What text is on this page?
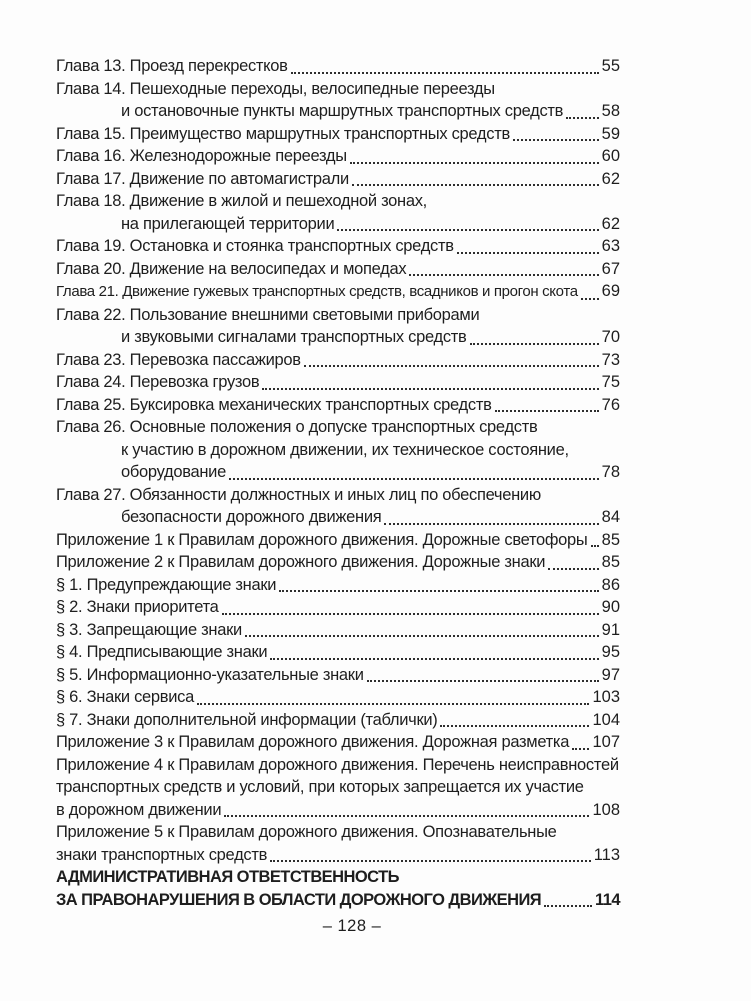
Глава 13. Проезд перекрестков	55
Глава 14. Пешеходные переходы, велосипедные переезды
и остановочные пункты маршрутных транспортных средств 58
Глава 15. Преимущество маршрутных транспортных средств	59
Глава 16. Железнодорожные переезды	60
Глава 17. Движение по автомагистрали	62
Глава 18. Движение в жилой и пешеходной зонах,
на прилегающей территории	62
Глава 19. Остановка и стоянка транспортных средств	63
Глава 20. Движение на велосипедах и мопедах	67
Глава 21. Движение гужевых транспортных средств, всадников и прогон скота 69
Глава 22. Пользование внешними световыми приборами
и звуковыми сигналами транспортных средств	70
Глава 23. Перевозка пассажиров	73
Глава 24. Перевозка грузов	75
Глава 25. Буксировка механических транспортных средств	76
Глава 26. Основные положения о допуске транспортных средств
к участию в дорожном движении, их техническое состояние,
оборудование	78
Глава 27. Обязанности должностных и иных лиц по обеспечению
безопасности дорожного движения	84
Приложение 1 к Правилам дорожного движения. Дорожные светофоры 85
Приложение 2 к Правилам дорожного движения. Дорожные знаки	85
§ 1. Предупреждающие знаки	86
§ 2. Знаки приоритета	90
§ 3. Запрещающие знаки	91
§ 4. Предписывающие знаки	95
§ 5. Информационно-указательные знаки	97
§ 6. Знаки сервиса	103
§ 7. Знаки дополнительной информации (таблички)	104
Приложение 3 к Правилам дорожного движения. Дорожная разметка 107
Приложение 4 к Правилам дорожного движения. Перечень неисправностей
транспортных средств и условий, при которых запрещается их участие
в дорожном движении	108
Приложение 5 к Правилам дорожного движения. Опознавательные
знаки транспортных средств	113
АДМИНИСТРАТИВНАЯ ОТВЕТСТВЕННОСТЬ
ЗА ПРАВОНАРУШЕНИЯ В ОБЛАСТИ ДОРОЖНОГО ДВИЖЕНИЯ	114
– 128 –
